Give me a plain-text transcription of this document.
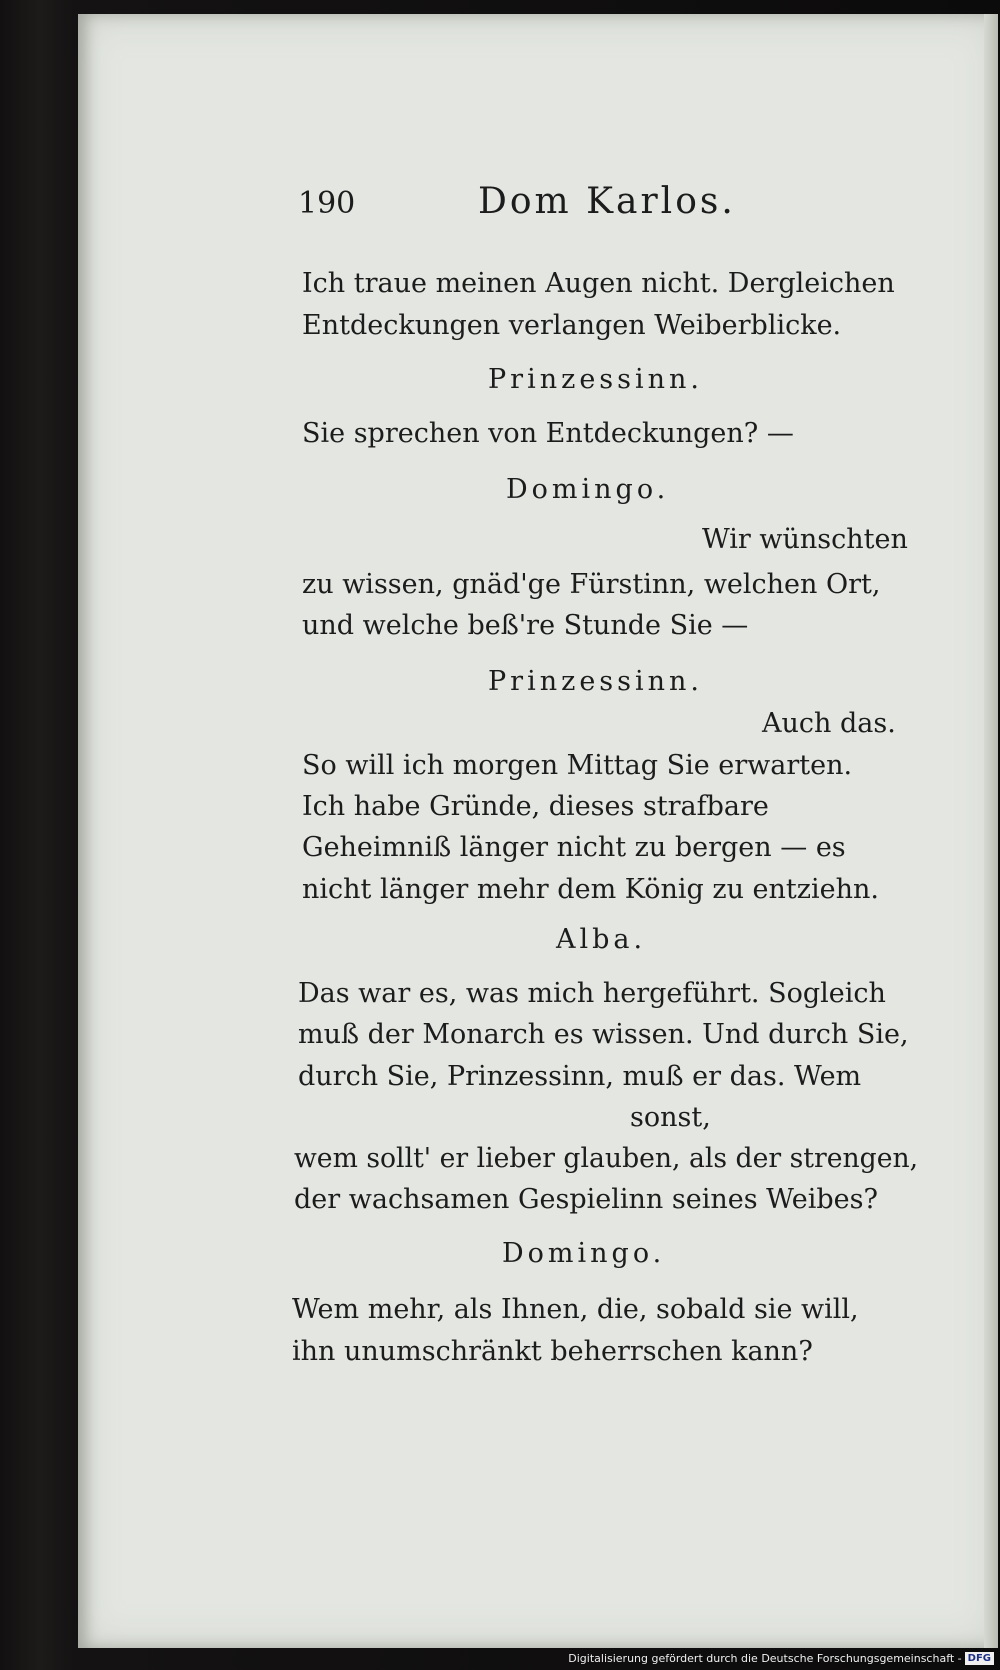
190	Dom Karlos.
Ich traue meinen Augen nicht. Dergleichen
Entdeckungen verlangen Weiberblicke.
Prinzessinn.
Sie sprechen von Entdeckungen? —
Domingo.
Wir wünschten
zu wissen, gnäd'ge Fürstinn, welchen Ort,
und welche beß're Stunde Sie —
Prinzessinn.
Auch das.
So will ich morgen Mittag Sie erwarten.
Ich habe Gründe, dieses strafbare
Geheimniß länger nicht zu bergen — es
nicht länger mehr dem König zu entziehn.
Alba.
Das war es, was mich hergeführt. Sogleich
muß der Monarch es wissen. Und durch Sie,
durch Sie, Prinzessinn, muß er das. Wem
sonst,
wem sollt' er lieber glauben, als der strengen,
der wachsamen Gespielinn seines Weibes?
Domingo.
Wem mehr, als Ihnen, die, sobald sie will,
ihn unumschränkt beherrschen kann?
Digitalisierung gefördert durch die Deutsche Forschungsgemeinschaft - DFG
